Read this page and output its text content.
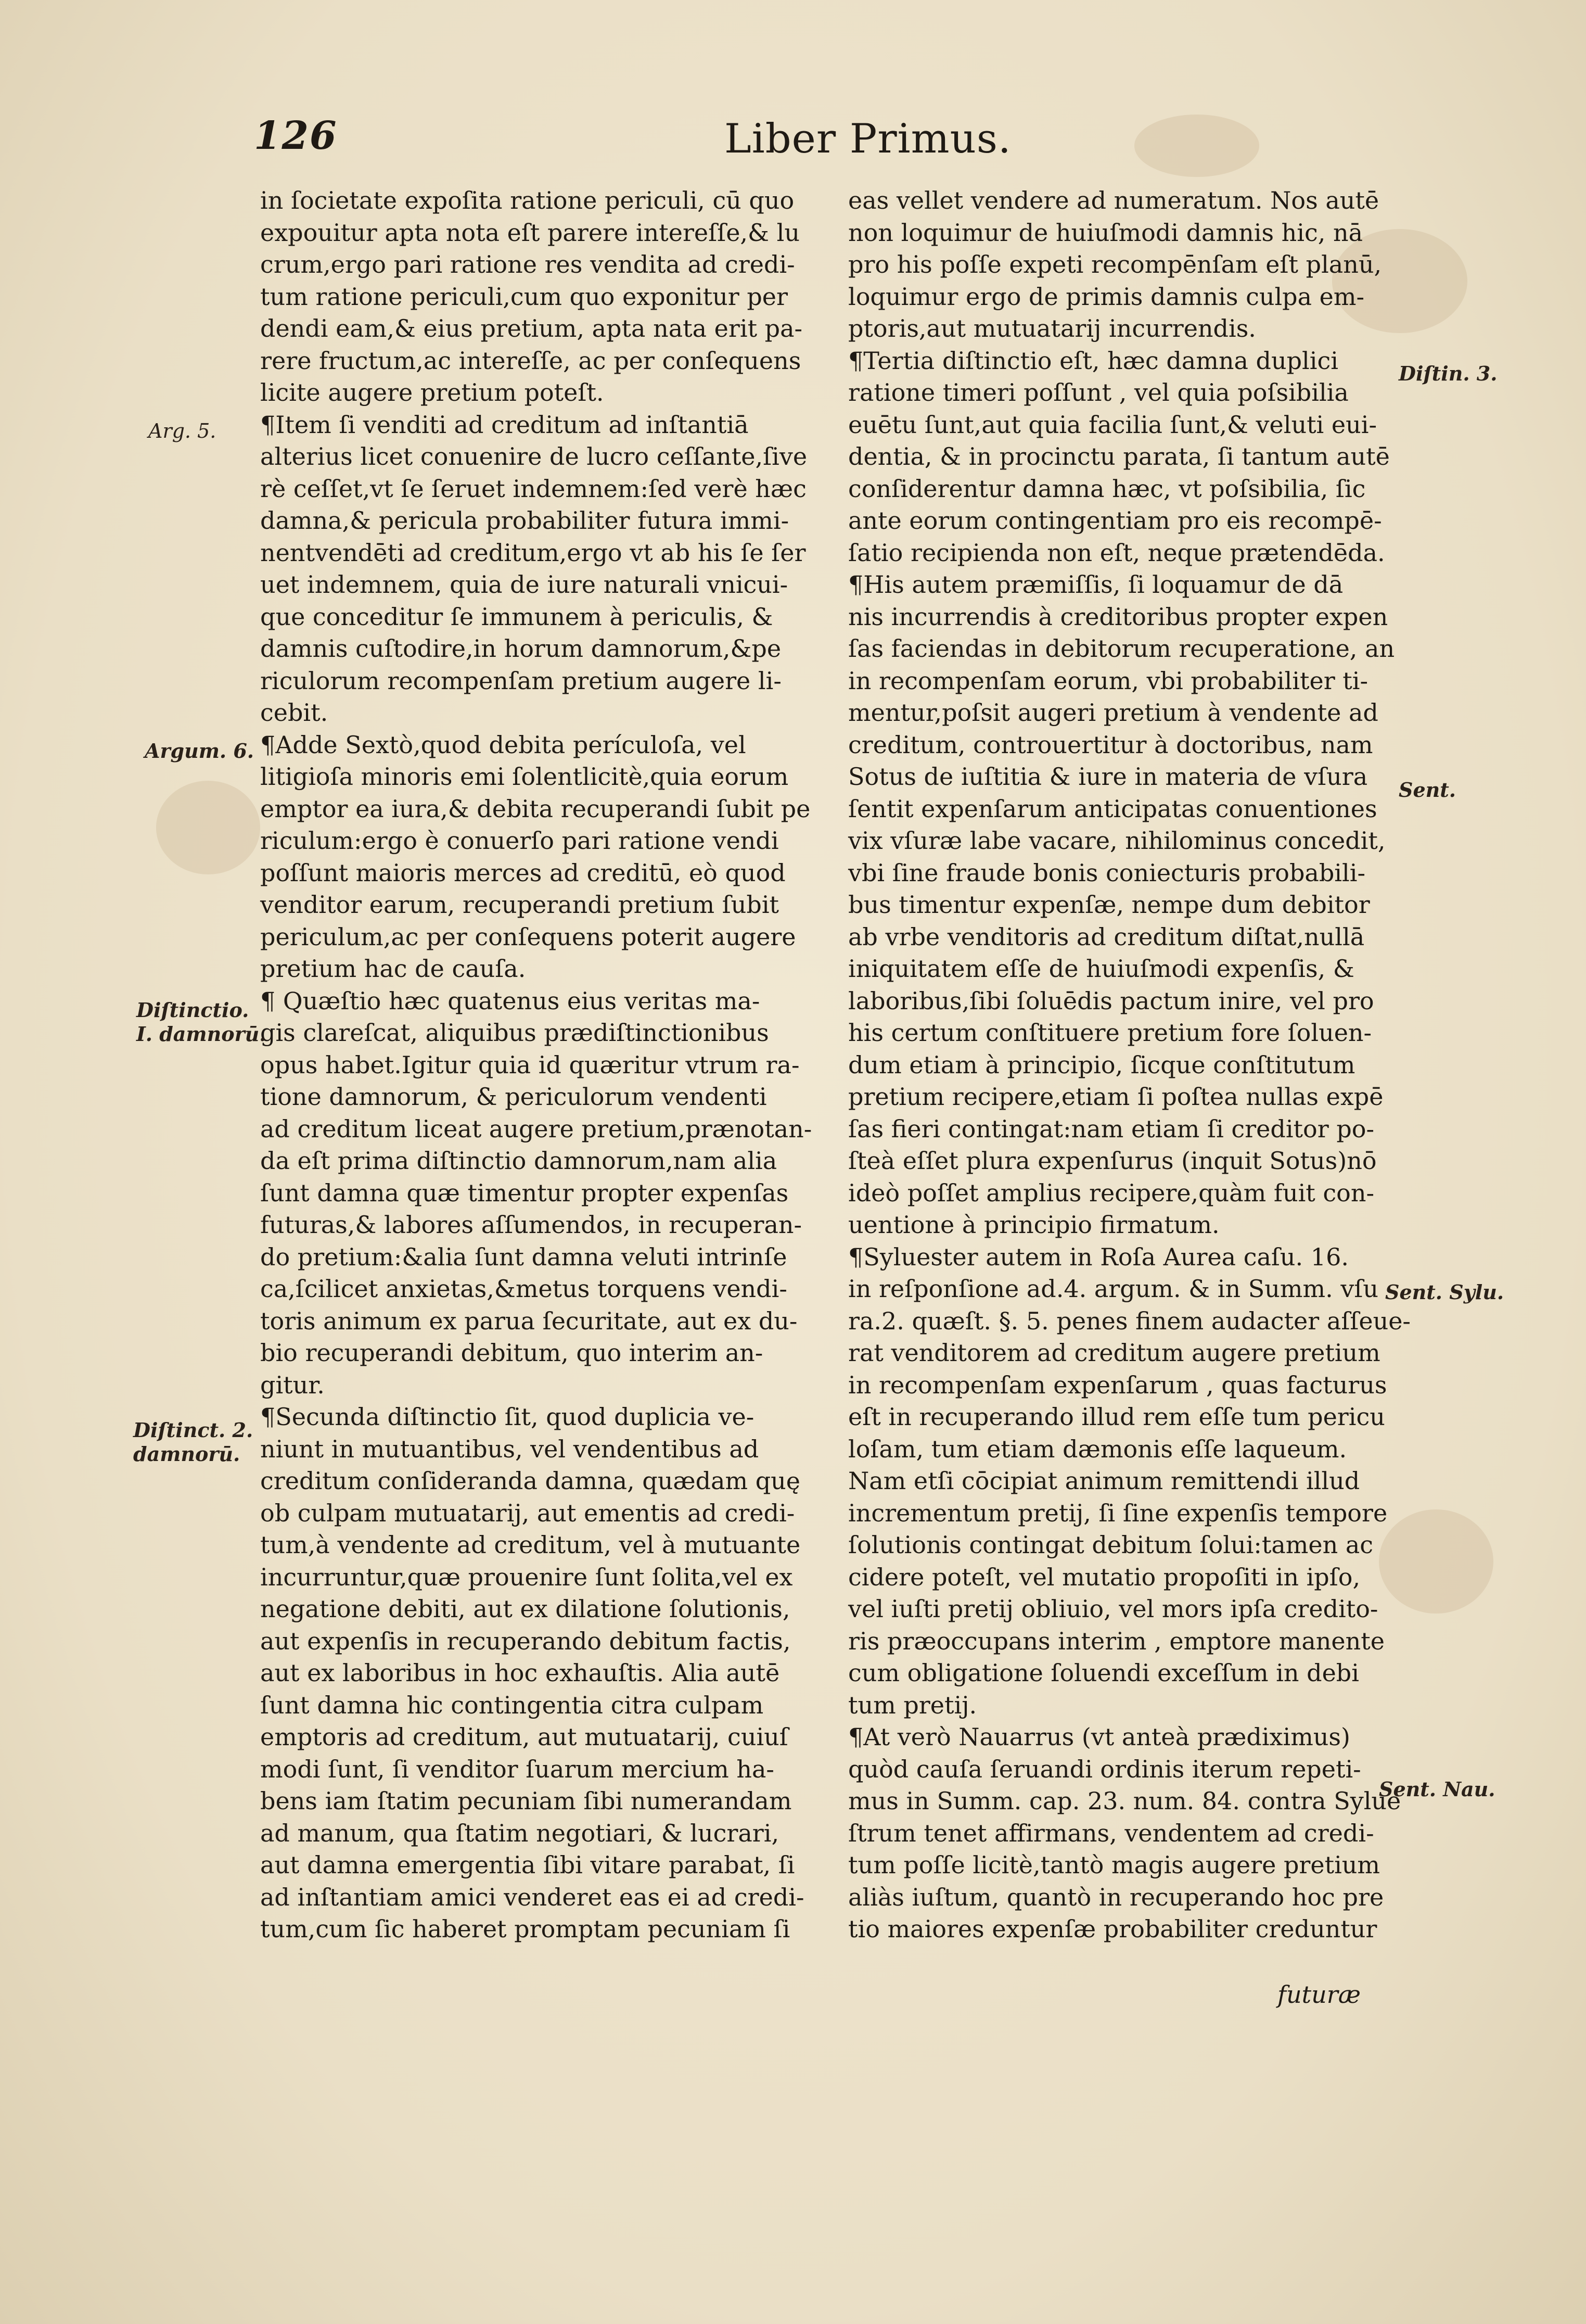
126	Liber Primus.
in ſocietate expoſita ratione periculi, cū quo
expouitur apta nota eſt parere intereſſe,& lu
crum,ergo pari ratione res vendita ad credi-
tum ratione periculi,cum quo exponitur per
dendi eam,& eius pretium, apta nata erit pa-
rere fructum,ac intereſſe, ac per conſequens
licite augere pretium poteſt.
¶Item ſi venditi ad creditum ad inſtantiā
alterius licet conuenire de lucro ceſſante,ſive
rè ceſſet,vt ſe ſeruet indemnem:ſed verè hæc
damna,& pericula probabiliter futura immi-
nentvendēti ad creditum,ergo vt ab his ſe ſer
uet indemnem, quia de iure naturali vnicui-
que conceditur ſe immunem à periculis, &
damnis cuſtodire,in horum damnorum,&pe
riculorum recompenſam pretium augere li-
cebit.
¶Adde Sextò,quod debita perículoſa, vel
litigioſa minoris emi ſolentlicitè,quia eorum
emptor ea iura,& debita recuperandi ſubit pe
riculum:ergo è conuerſo pari ratione vendi
poſſunt maioris merces ad creditū, eò quod
venditor earum, recuperandi pretium ſubit
periculum,ac per conſequens poterit augere
pretium hac de cauſa.
¶ Quæſtio hæc quatenus eius veritas ma-
gis clareſcat, aliquibus prædiſtinctionibus
opus habet.Igitur quia id quæritur vtrum ra-
tione damnorum, & periculorum vendenti
ad creditum liceat augere pretium,prænotan-
da eſt prima diſtinctio damnorum,nam alia
ſunt damna quæ timentur propter expenſas
futuras,& labores aſſumendos, in recuperan-
do pretium:&alia ſunt damna veluti intrinſe
ca,ſcilicet anxietas,&metus torquens vendi-
toris animum ex parua ſecuritate, aut ex du-
bio recuperandi debitum, quo interim an-
gitur.
¶Secunda diſtinctio ſit, quod duplicia ve-
niunt in mutuantibus, vel vendentibus ad
creditum conſideranda damna, quædam quę
ob culpam mutuatarij, aut ementis ad credi-
tum,à vendente ad creditum, vel à mutuante
incurruntur,quæ prouenire ſunt ſolita,vel ex
negatione debiti, aut ex dilatione ſolutionis,
aut expenſis in recuperando debitum factis,
aut ex laboribus in hoc exhauſtis. Alia autē
ſunt damna hic contingentia citra culpam
emptoris ad creditum, aut mutuatarij, cuiuſ
modi ſunt, ſi venditor ſuarum mercium ha-
bens iam ſtatim pecuniam ſibi numerandam
ad manum, qua ſtatim negotiari, & lucrari,
aut damna emergentia ſibi vitare parabat, ſi
ad inſtantiam amici venderet eas ei ad credi-
tum,cum ſic haberet promptam pecuniam ſi
eas vellet vendere ad numeratum. Nos autē
non loquimur de huiuſmodi damnis hic, nā
pro his poſſe expeti recompēnſam eſt planū,
loquimur ergo de primis damnis culpa em-
ptoris,aut mutuatarij incurrendis.
¶Tertia diſtinctio eſt, hæc damna duplici
ratione timeri poſſunt , vel quia poſsibilia
euētu ſunt,aut quia facilia ſunt,& veluti eui-
dentia, & in procinctu parata, ſi tantum autē
conſiderentur damna hæc, vt poſsibilia, ſic
ante eorum contingentiam pro eis recompē-
ſatio recipienda non eſt, neque prætendēda.
¶His autem præmiſſis, ſi loquamur de dā
nis incurrendis à creditoribus propter expen
ſas faciendas in debitorum recuperatione, an
in recompenſam eorum, vbi probabiliter ti-
mentur,poſsit augeri pretium à vendente ad
creditum, controuertitur à doctoribus, nam
Sotus de iuſtitia & iure in materia de vſura
ſentit expenſarum anticipatas conuentiones
vix vſuræ labe vacare, nihilominus concedit,
vbi ſine fraude bonis coniecturis probabili-
bus timentur expenſæ, nempe dum debitor
ab vrbe venditoris ad creditum diſtat,nullā
iniquitatem eſſe de huiuſmodi expenſis, &
laboribus,ſibi ſoluēdis pactum inire, vel pro
his certum conſtituere pretium fore ſoluen-
dum etiam à principio, ſicque conſtitutum
pretium recipere,etiam ſi poſtea nullas expē
ſas fieri contingat:nam etiam ſi creditor po-
ſteà eſſet plura expenſurus (inquit Sotus)nō
ideò poſſet amplius recipere,quàm fuit con-
uentione à principio firmatum.
¶Syluester autem in Roſa Aurea caſu. 16.
in reſponſione ad.4. argum. & in Summ. vſu
ra.2. quæſt. §. 5. penes finem audacter aſſeue-
rat venditorem ad creditum augere pretium
in recompenſam expenſarum , quas facturus
eſt in recuperando illud rem eſſe tum pericu
loſam, tum etiam dæmonis eſſe laqueum.
Nam etſi cōcipiat animum remittendi illud
incrementum pretij, ſi ſine expenſis tempore
ſolutionis contingat debitum ſolui:tamen ac
cidere poteſt, vel mutatio propoſiti in ipſo,
vel iuſti pretij obliuio, vel mors ipſa credito-
ris præoccupans interim , emptore manente
cum obligatione ſoluendi exceſſum in debi
tum pretij.
¶At verò Nauarrus (vt anteà prædiximus)
quòd cauſa ſeruandi ordinis iterum repeti-
mus in Summ. cap. 23. num. 84. contra Sylue
ſtrum tenet affirmans, vendentem ad credi-
tum poſſe licitè,tantò magis augere pretium
aliàs iuſtum, quantò in recuperando hoc pre
tio maiores expenſæ probabiliter creduntur
Arg. 5.
Argum. 6.
Diſtinctio.
I. damnorū.
Diſtinct. 2.
damnorū.
Diſtin. 3.
Sent.
Sent. Sylu.
Sent. Nau.
futuræ
